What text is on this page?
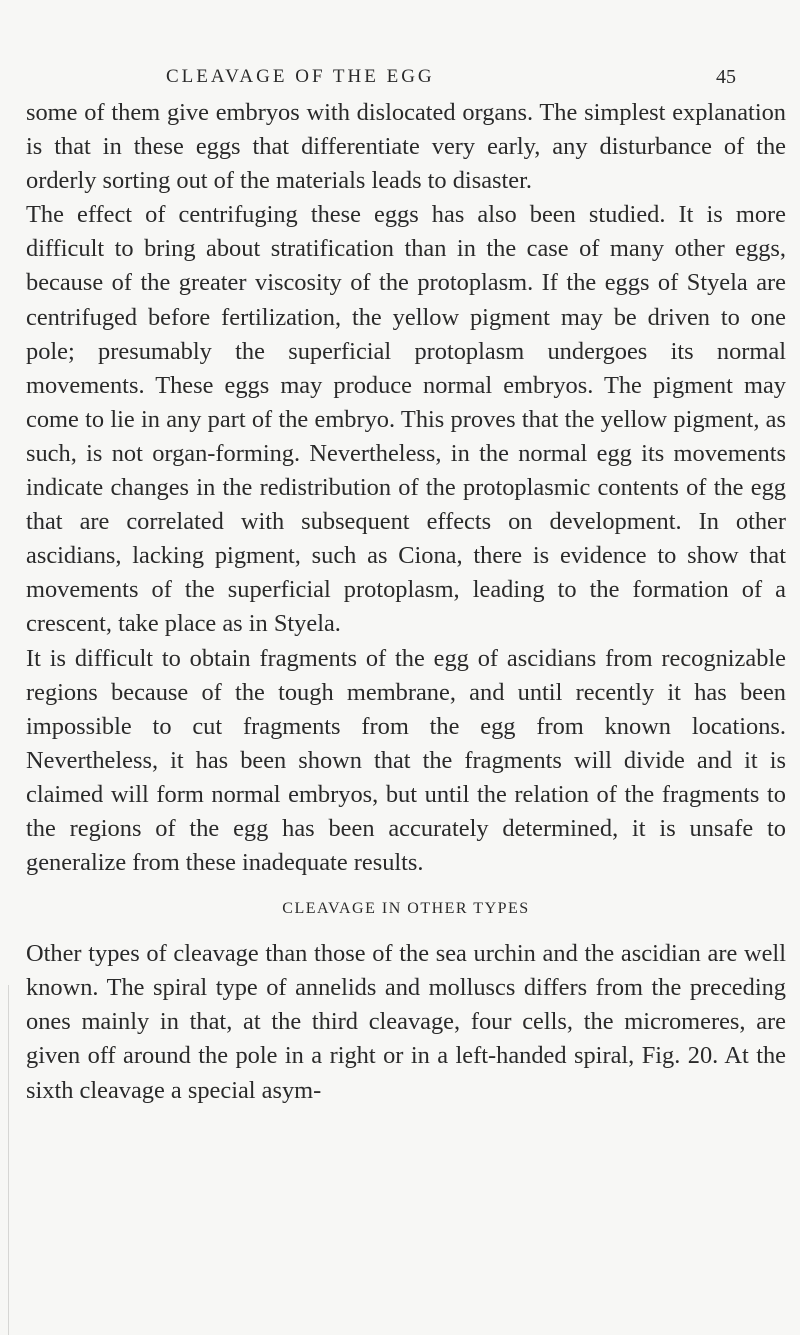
CLEAVAGE OF THE EGG	45

some of them give embryos with dislocated organs. The simplest explanation is that in these eggs that differentiate very early, any disturbance of the orderly sorting out of the materials leads to disaster.

The effect of centrifuging these eggs has also been studied. It is more difficult to bring about stratification than in the case of many other eggs, because of the greater viscosity of the protoplasm. If the eggs of Styela are centrifuged before fertilization, the yellow pigment may be driven to one pole; presumably the superficial protoplasm undergoes its normal movements. These eggs may produce normal embryos. The pigment may come to lie in any part of the embryo. This proves that the yellow pigment, as such, is not organ-forming. Nevertheless, in the normal egg its movements indicate changes in the redistribution of the protoplasmic contents of the egg that are correlated with subsequent effects on development. In other ascidians, lacking pigment, such as Ciona, there is evidence to show that movements of the superficial protoplasm, leading to the formation of a crescent, take place as in Styela.

It is difficult to obtain fragments of the egg of ascidians from recognizable regions because of the tough membrane, and until recently it has been impossible to cut fragments from the egg from known locations. Nevertheless, it has been shown that the fragments will divide and it is claimed will form normal embryos, but until the relation of the fragments to the regions of the egg has been accurately determined, it is unsafe to generalize from these inadequate results.

CLEAVAGE IN OTHER TYPES

Other types of cleavage than those of the sea urchin and the ascidian are well known. The spiral type of annelids and molluscs differs from the preceding ones mainly in that, at the third cleavage, four cells, the micromeres, are given off around the pole in a right or in a left-handed spiral, Fig. 20. At the sixth cleavage a special asym-
